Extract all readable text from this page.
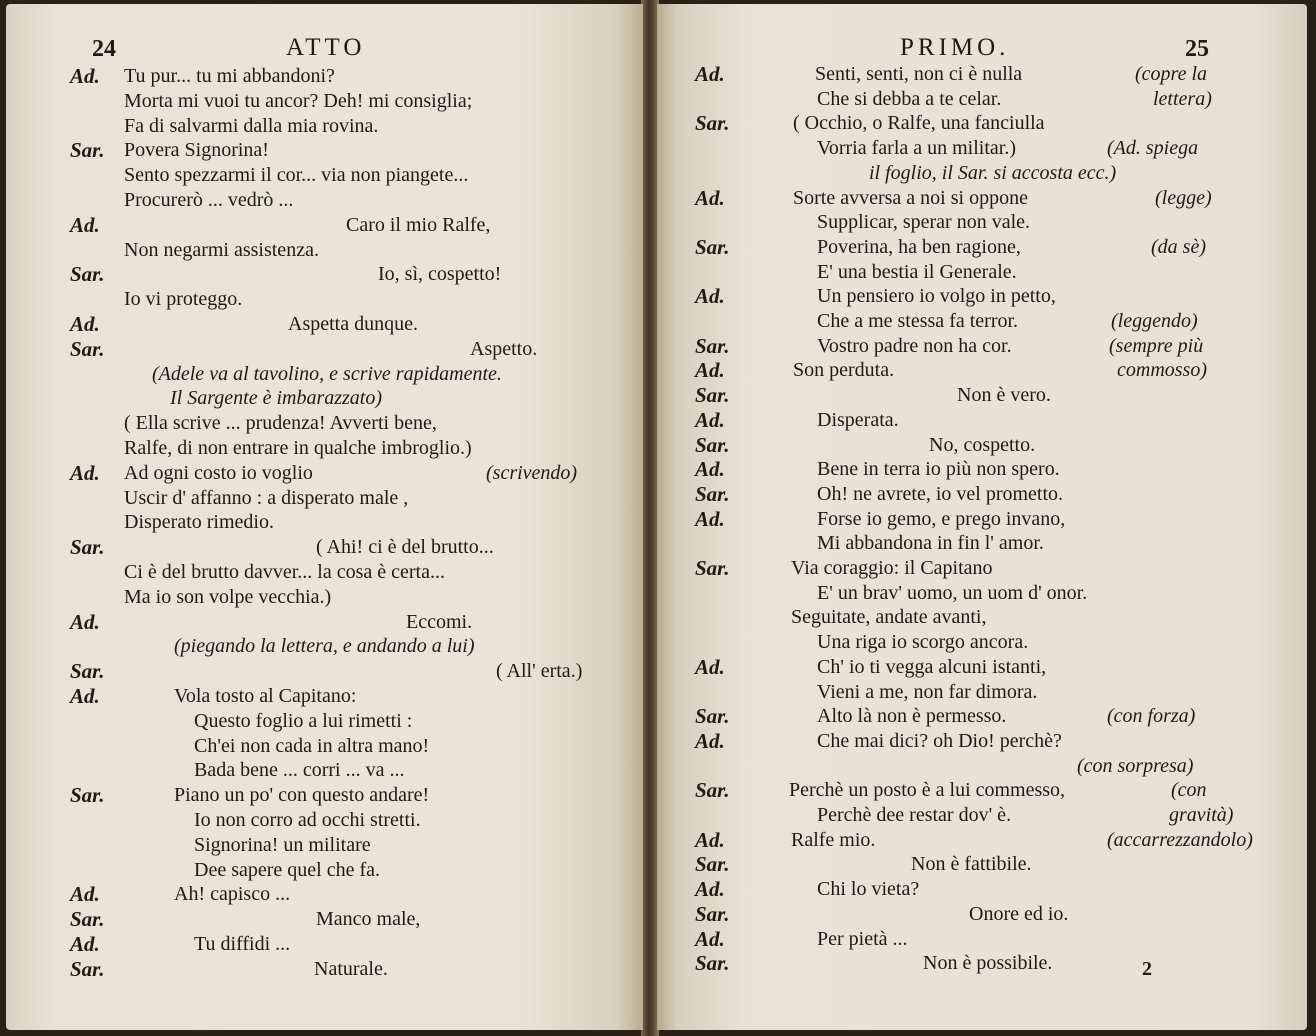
24	ATTO
Ad. Tu pur... tu mi abbandoni?
Morta mi vuoi tu ancor? Deh! mi consiglia;
Fa di salvarmi dalla mia rovina.
Sar. Povera Signorina!
Sento spezzarmi il cor... via non piangete...
Procurerò ... vedrò ...
Ad.	Caro il mio Ralfe,
Non negarmi assistenza.
Sar.	Io, sì, cospetto!
Io vi proteggo.
Ad.	Aspetta dunque.
Sar.	Aspetto.
(Adele va al tavolino, e scrive rapidamente.
Il Sargente è imbarazzato)
( Ella scrive ... prudenza! Avverti bene,
Ralfe, di non entrare in qualche imbroglio.)
Ad. Ad ogni costo io voglio	(scrivendo)
Uscir d' affanno : a disperato male ,
Disperato rimedio.
Sar.	( Ahi! ci è del brutto...
Ci è del brutto davver... la cosa è certa...
Ma io son volpe vecchia.)
Ad.	Eccomi.
(piegando la lettera, e andando a lui)
Sar.	( All' erta.)
Ad.	Vola tosto al Capitano:
Questo foglio a lui rimetti :
Ch'ei non cada in altra mano!
Bada bene ... corri ... va ...
Sar.	Piano un po' con questo andare!
Io non corro ad occhi stretti.
Signorina! un militare
Dee sapere quel che fa.
Ad.	Ah! capisco ...
Sar.	Manco male,
Ad.	Tu diffidi ...
Sar.	Naturale.
PRIMO.	25
2
Ad.	Senti, senti, non ci è nulla	(copre la
Che si debba a te celar.	lettera)
Sar.	( Occhio, o Ralfe, una fanciulla
Vorria farla a un militar.)	(Ad. spiega
il foglio, il Sar. si accosta ecc.)
Ad.	Sorte avversa a noi si oppone	(legge)
Supplicar, sperar non vale.
Sar.	Poverina, ha ben ragione,	(da sè)
E' una bestia il Generale.
Ad.	Un pensiero io volgo in petto,
Che a me stessa fa terror.	(leggendo)
Sar.	Vostro padre non ha cor.	(sempre più
Ad.	Son perduta.	commosso)
Sar.	Non è vero.
Ad.	Disperata.
Sar.	No, cospetto.
Ad.	Bene in terra io più non spero.
Sar.	Oh! ne avrete, io vel prometto.
Ad.	Forse io gemo, e prego invano,
Mi abbandona in fin l' amor.
Sar.	Via coraggio: il Capitano
E' un brav' uomo, un uom d' onor.
Seguitate, andate avanti,
Una riga io scorgo ancora.
Ad.	Ch' io ti vegga alcuni istanti,
Vieni a me, non far dimora.
Sar.	Alto là non è permesso.	(con forza)
Ad.	Che mai dici? oh Dio! perchè?
(con sorpresa)
Sar.	Perchè un posto è a lui commesso,	(con
Perchè dee restar dov' è.	gravità)
Ad.	Ralfe mio.	(accarrezzandolo)
Sar.	Non è fattibile.
Ad.	Chi lo vieta?
Sar.	Onore ed io.
Ad.	Per pietà ...
Sar.	Non è possibile.
